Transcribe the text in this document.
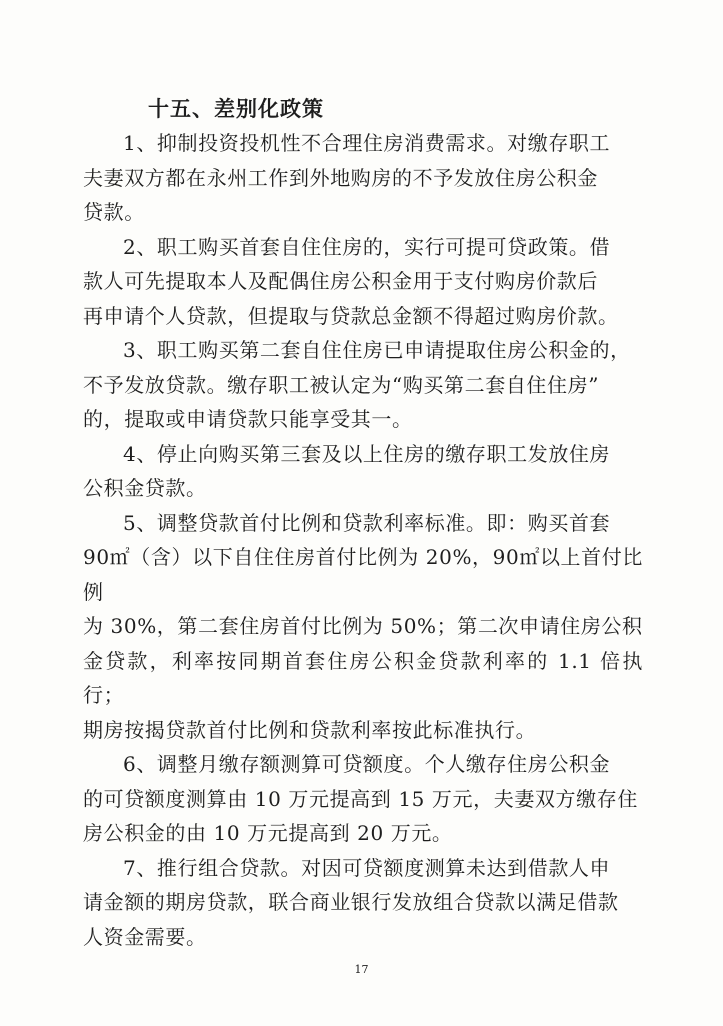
十五、差别化政策

1、抑制投资投机性不合理住房消费需求。对缴存职工
夫妻双方都在永州工作到外地购房的不予发放住房公积金
贷款。

2、职工购买首套自住住房的，实行可提可贷政策。借
款人可先提取本人及配偶住房公积金用于支付购房价款后
再申请个人贷款，但提取与贷款总金额不得超过购房价款。

3、职工购买第二套自住住房已申请提取住房公积金的，
不予发放贷款。缴存职工被认定为“购买第二套自住住房”
的，提取或申请贷款只能享受其一。

4、停止向购买第三套及以上住房的缴存职工发放住房
公积金贷款。

5、调整贷款首付比例和贷款利率标准。即：购买首套
90㎡（含）以下自住住房首付比例为 20%，90㎡以上首付比例
为 30%，第二套住房首付比例为 50%；第二次申请住房公积
金贷款，利率按同期首套住房公积金贷款利率的 1.1 倍执行；
期房按揭贷款首付比例和贷款利率按此标准执行。

6、调整月缴存额测算可贷额度。个人缴存住房公积金
的可贷额度测算由 10 万元提高到 15 万元，夫妻双方缴存住
房公积金的由 10 万元提高到 20 万元。

7、推行组合贷款。对因可贷额度测算未达到借款人申
请金额的期房贷款，联合商业银行发放组合贷款以满足借款
人资金需要。

17
